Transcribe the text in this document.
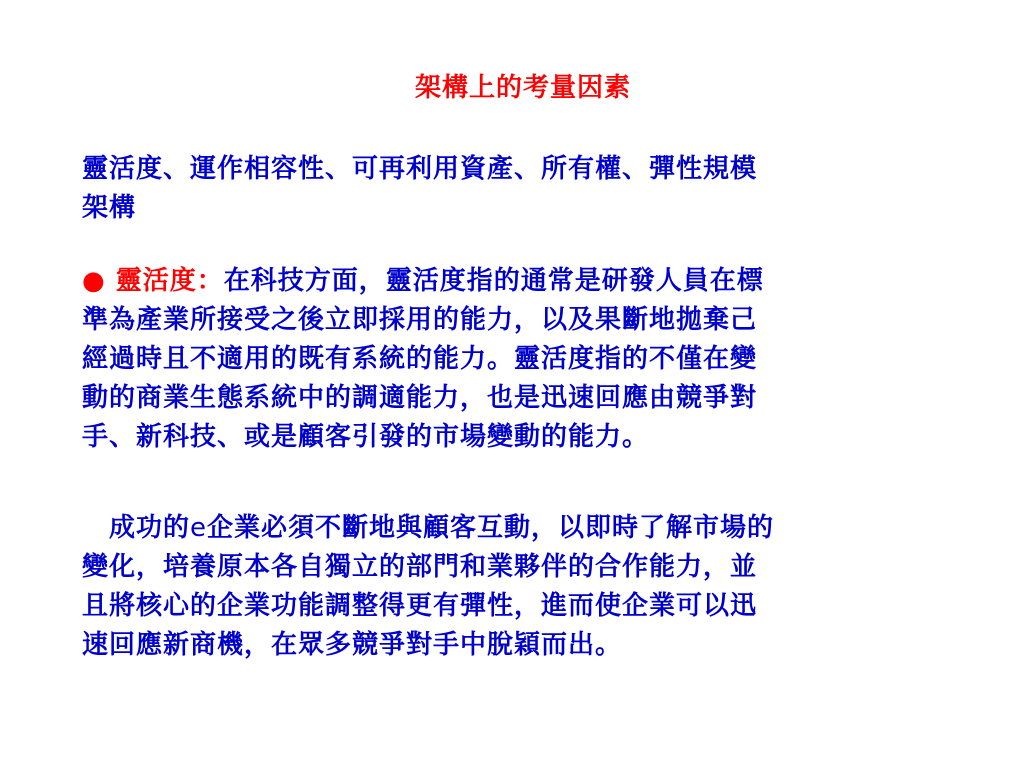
架構上的考量因素
靈活度、運作相容性、可再利用資產、所有權、彈性規模
架構
● 靈活度：在科技方面，靈活度指的通常是研發人員在標
準為產業所接受之後立即採用的能力，以及果斷地拋棄己
經過時且不適用的既有系統的能力。靈活度指的不僅在變
動的商業生態系統中的調適能力，也是迅速回應由競爭對
手、新科技、或是顧客引發的市場變動的能力。
　成功的e企業必須不斷地與顧客互動，以即時了解市場的
變化，培養原本各自獨立的部門和業夥伴的合作能力，並
且將核心的企業功能調整得更有彈性，進而使企業可以迅
速回應新商機，在眾多競爭對手中脫穎而出。
